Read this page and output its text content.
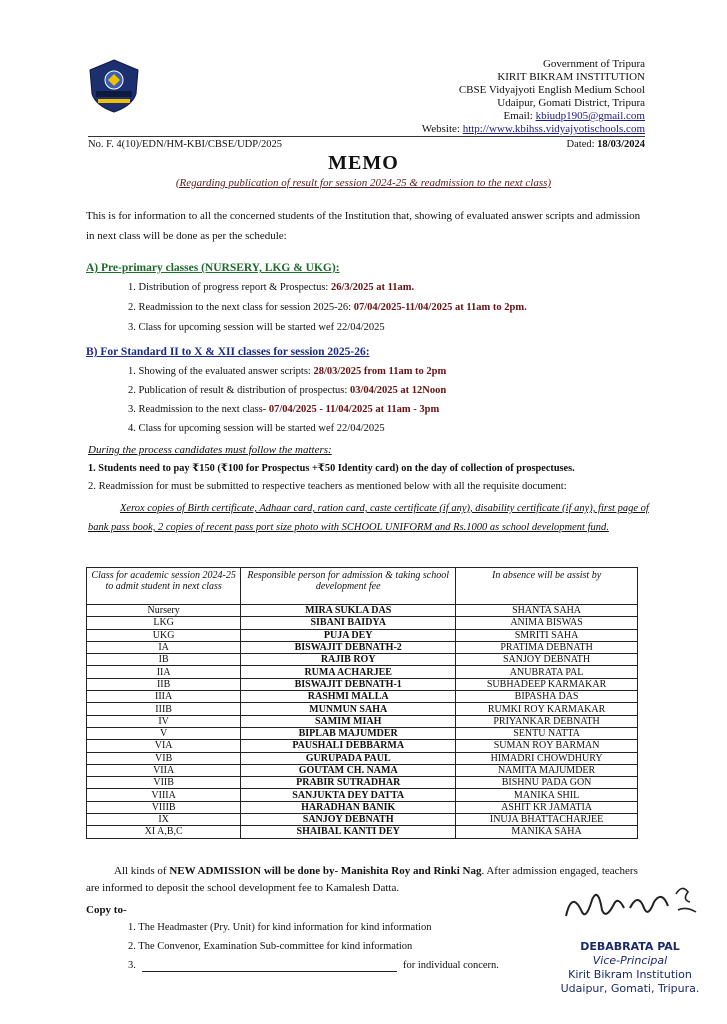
Government of Tripura
KIRIT BIKRAM INSTITUTION
CBSE Vidyajyoti English Medium School
Udaipur, Gomati District, Tripura
Email: kbiudp1905@gmail.com
Website: http://www.kbihss.vidyajyotischools.com
No. F. 4(10)/EDN/HM-KBI/CBSE/UDP/2025	Dated: 18/03/2024
MEMO
(Regarding publication of result for session 2024-25 & readmission to the next class)
This is for information to all the concerned students of the Institution that, showing of evaluated answer scripts and admission in next class will be done as per the schedule:
A) Pre-primary classes (NURSERY, LKG & UKG):
1. Distribution of progress report & Prospectus: 26/3/2025 at 11am.
2. Readmission to the next class for session 2025-26: 07/04/2025-11/04/2025 at 11am to 2pm.
3. Class for upcoming session will be started wef 22/04/2025
B) For Standard II to X & XII classes for session 2025-26:
1. Showing of the evaluated answer scripts: 28/03/2025 from 11am to 2pm
2. Publication of result & distribution of prospectus: 03/04/2025 at 12Noon
3. Readmission to the next class- 07/04/2025 - 11/04/2025 at 11am - 3pm
4. Class for upcoming session will be started wef 22/04/2025
During the process candidates must follow the matters:
1. Students need to pay ₹150 (₹100 for Prospectus +₹50 Identity card) on the day of collection of prospectuses.
2. Readmission for must be submitted to respective teachers as mentioned below with all the requisite document:
Xerox copies of Birth certificate, Adhaar card, ration card, caste certificate (if any), disability certificate (if any), first page of bank pass book, 2 copies of recent pass port size photo with SCHOOL UNIFORM and Rs.1000 as school development fund.
Class for academic session 2024-25 to admit student in next class	Responsible person for admission & taking school development fee	In absence will be assist by
Nursery	MIRA SUKLA DAS	SHANTA SAHA
LKG	SIBANI BAIDYA	ANIMA BISWAS
UKG	PUJA DEY	SMRITI SAHA
IA	BISWAJIT DEBNATH-2	PRATIMA DEBNATH
IB	RAJIB ROY	SANJOY DEBNATH
IIA	RUMA ACHARJEE	ANUBRATA PAL
IIB	BISWAJIT DEBNATH-1	SUBHADEEP KARMAKAR
IIIA	RASHMI MALLA	BIPASHA DAS
IIIB	MUNMUN SAHA	RUMKI ROY KARMAKAR
IV	SAMIM MIAH	PRIYANKAR DEBNATH
V	BIPLAB MAJUMDER	SENTU NATTA
VIA	PAUSHALI DEBBARMA	SUMAN ROY BARMAN
VIB	GURUPADA PAUL	HIMADRI CHOWDHURY
VIIA	GOUTAM CH. NAMA	NAMITA MAJUMDER
VIIB	PRABIR SUTRADHAR	BISHNU PADA GON
VIIIA	SANJUKTA DEY DATTA	MANIKA SHIL
VIIIB	HARADHAN BANIK	ASHIT KR JAMATIA
IX	SANJOY DEBNATH	INUJA BHATTACHARJEE
XI A,B,C	SHAIBAL KANTI DEY	MANIKA SAHA
All kinds of NEW ADMISSION will be done by- Manishita Roy and Rinki Nag. After admission engaged, teachers are informed to deposit the school development fee to Kamalesh Datta.
Copy to-
1. The Headmaster (Pry. Unit) for kind information for kind information
2. The Convenor, Examination Sub-committee for kind information
3.	for individual concern.
DEBABRATA PAL
Vice-Principal
Kirit Bikram Institution
Udaipur, Gomati, Tripura.
